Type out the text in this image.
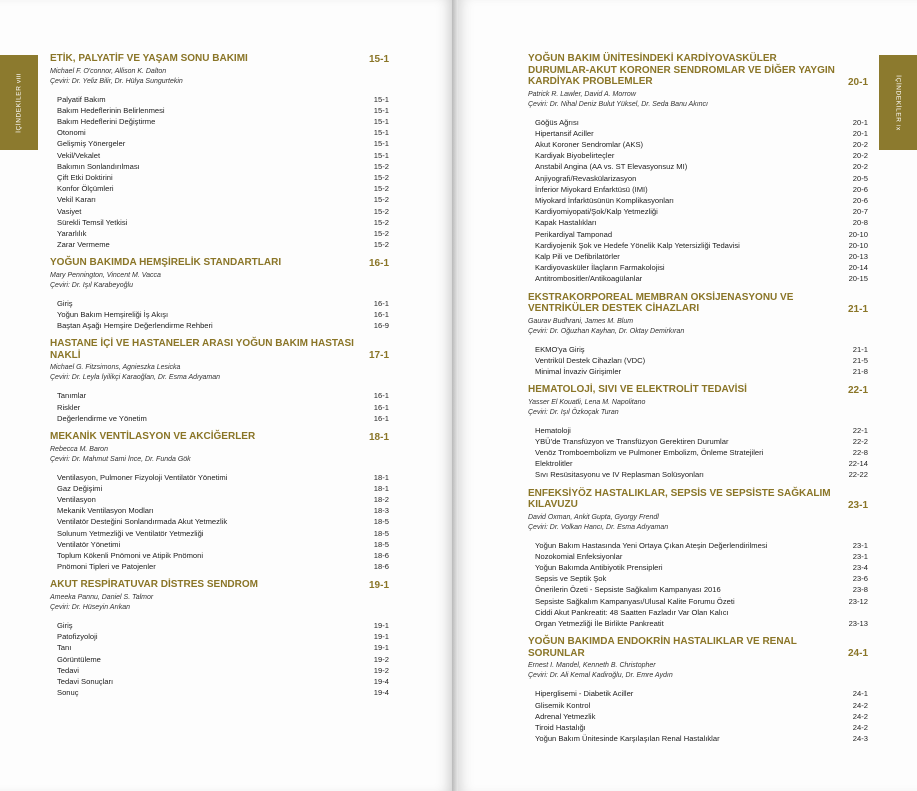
İÇİNDEKİLER viii
ETİK, PALYATİF VE YAŞAM SONU BAKIMI	15-1
Michael F. O'connor, Allison K. Dalton
Çeviri: Dr. Yeliz Bilir, Dr. Hülya Sungurtekin
Palyatif Bakım	15-1
Bakım Hedeflerinin Belirlenmesi	15-1
Bakım Hedeflerini Değiştirme	15-1
Otonomi	15-1
Gelişmiş Yönergeler	15-1
Vekil/Vekalet	15-1
Bakımın Sonlandırılması	15-2
Çift Etki Doktirini	15-2
Konfor Ölçümleri	15-2
Vekil Kararı	15-2
Vasiyet	15-2
Sürekli Temsil Yetkisi	15-2
Yararlılık	15-2
Zarar Vermeme	15-2
YOĞUN BAKIMDA HEMŞİRELİK STANDARTLARI	16-1
Mary Pennington, Vincent M. Vacca
Çeviri: Dr. Işıl Karabeyoğlu
Giriş	16-1
Yoğun Bakım Hemşireliği İş Akışı	16-1
Baştan Aşağı Hemşire Değerlendirme Rehberi	16-9
HASTANE İÇİ VE HASTANELER ARASI YOĞUN BAKIM HASTASI NAKLİ	17-1
Michael G. Fitzsimons, Agnieszka Lesicka
Çeviri: Dr. Leyla İyilikçi Karaoğlan, Dr. Esma Adıyaman
Tanımlar	16-1
Riskler	16-1
Değerlendirme ve Yönetim	16-1
MEKANİK VENTİLASYON VE AKCİĞERLER	18-1
Rebecca M. Baron
Çeviri: Dr. Mahmut Sami İnce, Dr. Funda Gök
Ventilasyon, Pulmoner Fizyoloji Ventilatör Yönetimi	18-1
Gaz Değişimi	18-1
Ventilasyon	18-2
Mekanik Ventilasyon Modları	18-3
Ventilatör Desteğini Sonlandırmada Akut Yetmezlik	18-5
Solunum Yetmezliği ve Ventilatör Yetmezliği	18-5
Ventilatör Yönetimi	18-5
Toplum Kökenli Pnömoni ve Atipik Pnömoni	18-6
Pnömoni Tipleri ve Patojenler	18-6
AKUT RESPİRATUVAR DİSTRES SENDROM	19-1
Ameeka Pannu, Daniel S. Talmor
Çeviri: Dr. Hüseyin Arıkan
Giriş	19-1
Patofizyoloji	19-1
Tanı	19-1
Görüntüleme	19-2
Tedavi	19-2
Tedavi Sonuçları	19-4
Sonuç	19-4
İÇİNDEKİLER ix
YOĞUN BAKIM ÜNİTESİNDEKİ KARDİYOVASKÜLER DURUMLAR-AKUT KORONER SENDROMLAR VE DİĞER YAYGIN KARDİYAK PROBLEMLER	20-1
Patrick R. Lawler, David A. Morrow
Çeviri: Dr. Nihal Deniz Bulut Yüksel, Dr. Seda Banu Akıncı
Göğüs Ağrısı	20-1
Hipertansif Aciller	20-1
Akut Koroner Sendromlar (AKS)	20-2
Kardiyak Biyobelirteçler	20-2
Anstabil Angina (AA vs. ST Elevasyonsuz MI)	20-2
Anjiyografi/Revaskülarizasyon	20-5
İnferior Miyokard Enfarktüsü (IMI)	20-6
Miyokard İnfarktüsünün Komplikasyonları	20-6
Kardiyomiyopati/Şok/Kalp Yetmezliği	20-7
Kapak Hastalıkları	20-8
Perikardiyal Tamponad	20-10
Kardiyojenik Şok ve Hedefe Yönelik Kalp Yetersizliği Tedavisi	20-10
Kalp Pili ve Defibrilatörler	20-13
Kardiyovasküler İlaçların Farmakolojisi	20-14
Antitrombositler/Antikoagülanlar	20-15
EKSTRAKORPOREAL MEMBRAN OKSİJENASYONU VE VENTRİKÜLER DESTEK CİHAZLARI	21-1
Gaurav Budhrani, James M. Blum
Çeviri: Dr. Oğuzhan Kayhan, Dr. Oktay Demirkıran
EKMO'ya Giriş	21-1
Ventrikül Destek Cihazları (VDC)	21-5
Minimal İnvaziv Girişimler	21-8
HEMATOLOJİ, SIVI VE ELEKTROLİT TEDAVİSİ	22-1
Yasser El Kouatli, Lena M. Napolitano
Çeviri: Dr. Işıl Özkoçak Turan
Hematoloji	22-1
YBÜ'de Transfüzyon ve Transfüzyon Gerektiren Durumlar	22-2
Venöz Tromboembolizm ve Pulmoner Embolizm, Önleme Stratejileri	22-8
Elektrolitler	22-14
Sıvı Resüsitasyonu ve IV Replasman Solüsyonları	22-22
ENFEKSİYÖZ HASTALIKLAR, SEPSİS VE SEPSİSTE SAĞKALIM KILAVUZU	23-1
David Oxman, Ankit Gupta, Gyorgy Frendl
Çeviri: Dr. Volkan Hancı, Dr. Esma Adıyaman
Yoğun Bakım Hastasında Yeni Ortaya Çıkan Ateşin Değerlendirilmesi	23-1
Nozokomial Enfeksiyonlar	23-1
Yoğun Bakımda Antibiyotik Prensipleri	23-4
Sepsis ve Septik Şok	23-6
Önerilerin Özeti - Sepsiste Sağkalım Kampanyası 2016	23-8
Sepsiste Sağkalım Kampanyası/Ulusal Kalite Forumu Özeti	23-12
Ciddi Akut Pankreatit: 48 Saatten Fazladır Var Olan Kalıcı
Organ Yetmezliği İle Birlikte Pankreatit	23-13
YOĞUN BAKIMDA ENDOKRİN HASTALIKLAR VE RENAL SORUNLAR	24-1
Ernest I. Mandel, Kenneth B. Christopher
Çeviri: Dr. Ali Kemal Kadiroğlu, Dr. Emre Aydın
Hiperglisemi - Diabetik Aciller	24-1
Glisemik Kontrol	24-2
Adrenal Yetmezlik	24-2
Tiroid Hastalığı	24-2
Yoğun Bakım Ünitesinde Karşılaşılan Renal Hastalıklar	24-3
